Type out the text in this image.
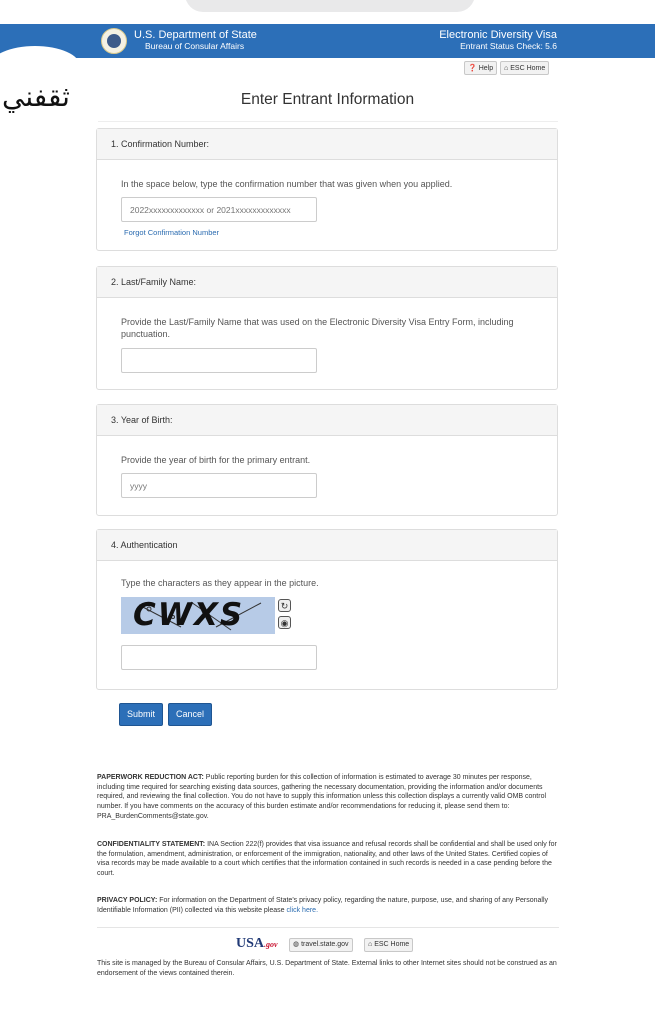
U.S. Department of State
Bureau of Consular Affairs
Electronic Diversity Visa
Entrant Status Check: 5.6
❓ Help	⌂ ESC Home
ثقفني	Enter Entrant Information
1. Confirmation Number:
In the space below, type the confirmation number that was given when you applied.
2022xxxxxxxxxxxxx or 2021xxxxxxxxxxxxx
Forgot Confirmation Number
2. Last/Family Name:
Provide the Last/Family Name that was used on the Electronic Diversity Visa Entry Form, including punctuation.
3. Year of Birth:
Provide the year of birth for the primary entrant.
yyyy
4. Authentication
Type the characters as they appear in the picture.
CWXS	↻
◉
Submit	Cancel
PAPERWORK REDUCTION ACT: Public reporting burden for this collection of information is estimated to average 30 minutes per response, including time required for searching existing data sources, gathering the necessary documentation, providing the information and/or documents required, and reviewing the final collection. You do not have to supply this information unless this collection displays a currently valid OMB control number. If you have comments on the accuracy of this burden estimate and/or recommendations for reducing it, please send them to: PRA_BurdenComments@state.gov.
CONFIDENTIALITY STATEMENT: INA Section 222(f) provides that visa issuance and refusal records shall be confidential and shall be used only for the formulation, amendment, administration, or enforcement of the immigration, nationality, and other laws of the United States. Certified copies of visa records may be made available to a court which certifies that the information contained in such records is needed in a case pending before the court.
PRIVACY POLICY: For information on the Department of State's privacy policy, regarding the nature, purpose, use, and sharing of any Personally Identifiable Information (PII) collected via this website please click here.
USA.gov	◍ travel.state.gov	⌂ ESC Home
This site is managed by the Bureau of Consular Affairs, U.S. Department of State. External links to other Internet sites should not be construed as an endorsement of the views contained therein.
